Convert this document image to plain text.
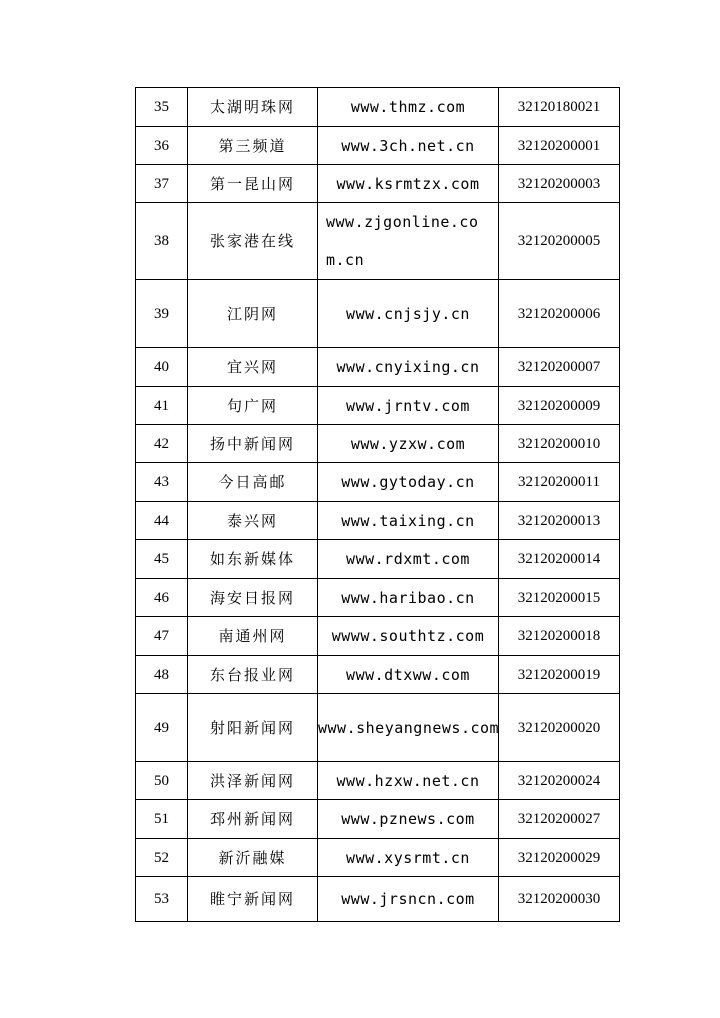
35	太湖明珠网	www.thmz.com	32120180021
36	第三频道	www.3ch.net.cn	32120200001
37	第一昆山网	www.ksrmtzx.com	32120200003
38	张家港在线	www.zjgonline.com.cn	32120200005
39	江阴网	www.cnjsjy.cn	32120200006
40	宜兴网	www.cnyixing.cn	32120200007
41	句广网	www.jrntv.com	32120200009
42	扬中新闻网	www.yzxw.com	32120200010
43	今日高邮	www.gytoday.cn	32120200011
44	泰兴网	www.taixing.cn	32120200013
45	如东新媒体	www.rdxmt.com	32120200014
46	海安日报网	www.haribao.cn	32120200015
47	南通州网	wwww.southtz.com	32120200018
48	东台报业网	www.dtxww.com	32120200019
49	射阳新闻网	www.sheyangnews.com	32120200020
50	洪泽新闻网	www.hzxw.net.cn	32120200024
51	邳州新闻网	www.pznews.com	32120200027
52	新沂融媒	www.xysrmt.cn	32120200029
53	睢宁新闻网	www.jrsncn.com	32120200030
